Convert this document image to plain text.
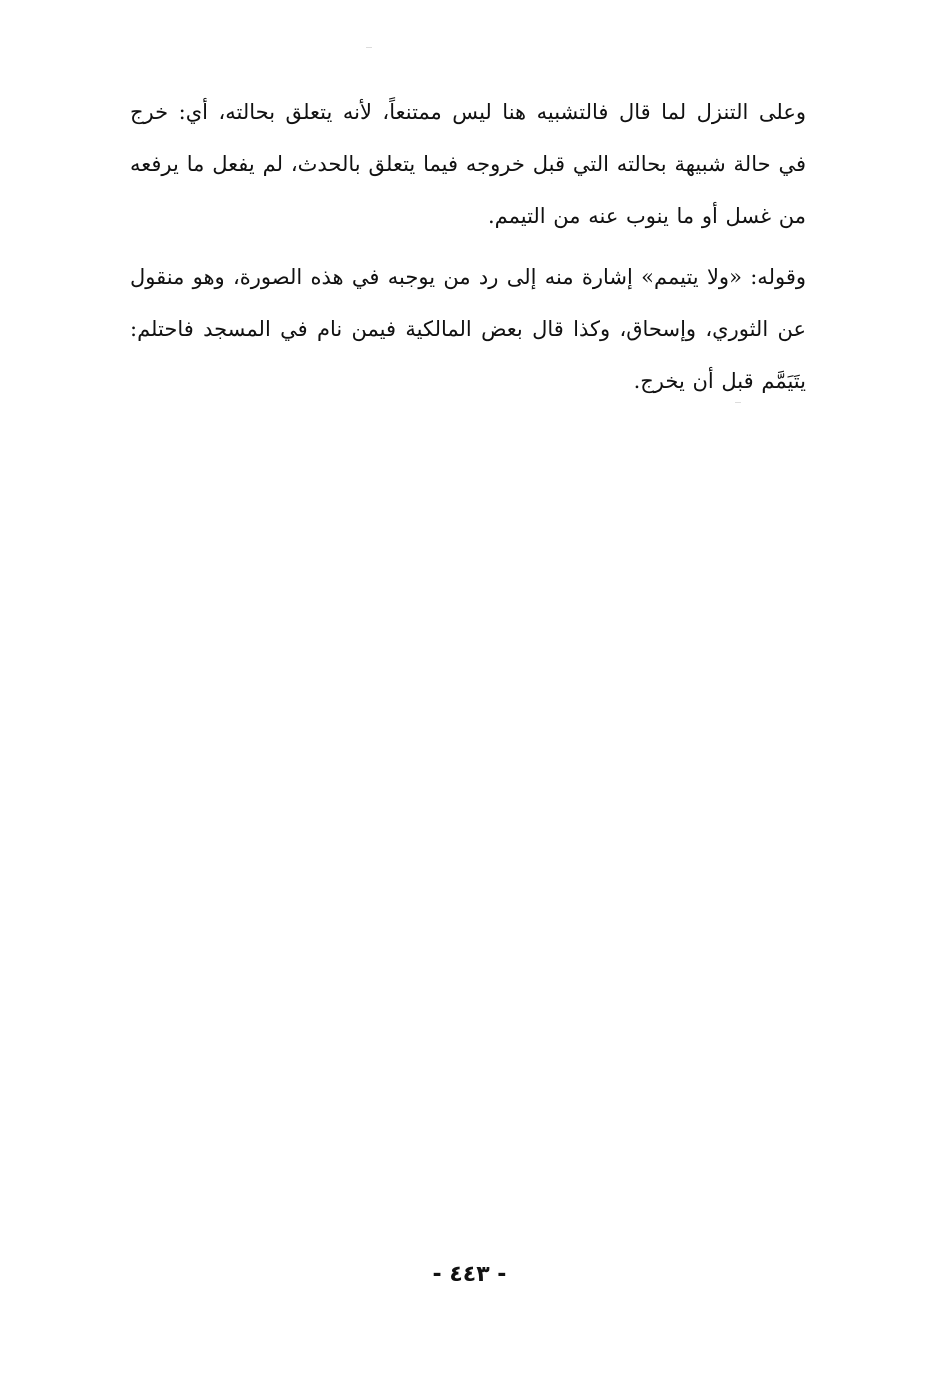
وعلى التنزل لما قال فالتشبيه هنا ليس ممتنعاً، لأنه يتعلق بحالته، أي: خرج في حالة شبيهة بحالته التي قبل خروجه فيما يتعلق بالحدث، لم يفعل ما يرفعه من غسل أو ما ينوب عنه من التيمم.

وقوله: «ولا يتيمم» إشارة منه إلى رد من يوجبه في هذه الصورة، وهو منقول عن الثوري، وإسحاق، وكذا قال بعض المالكية فيمن نام في المسجد فاحتلم: يتَيَمَّم قبل أن يخرج.

- ٤٤٣ -
